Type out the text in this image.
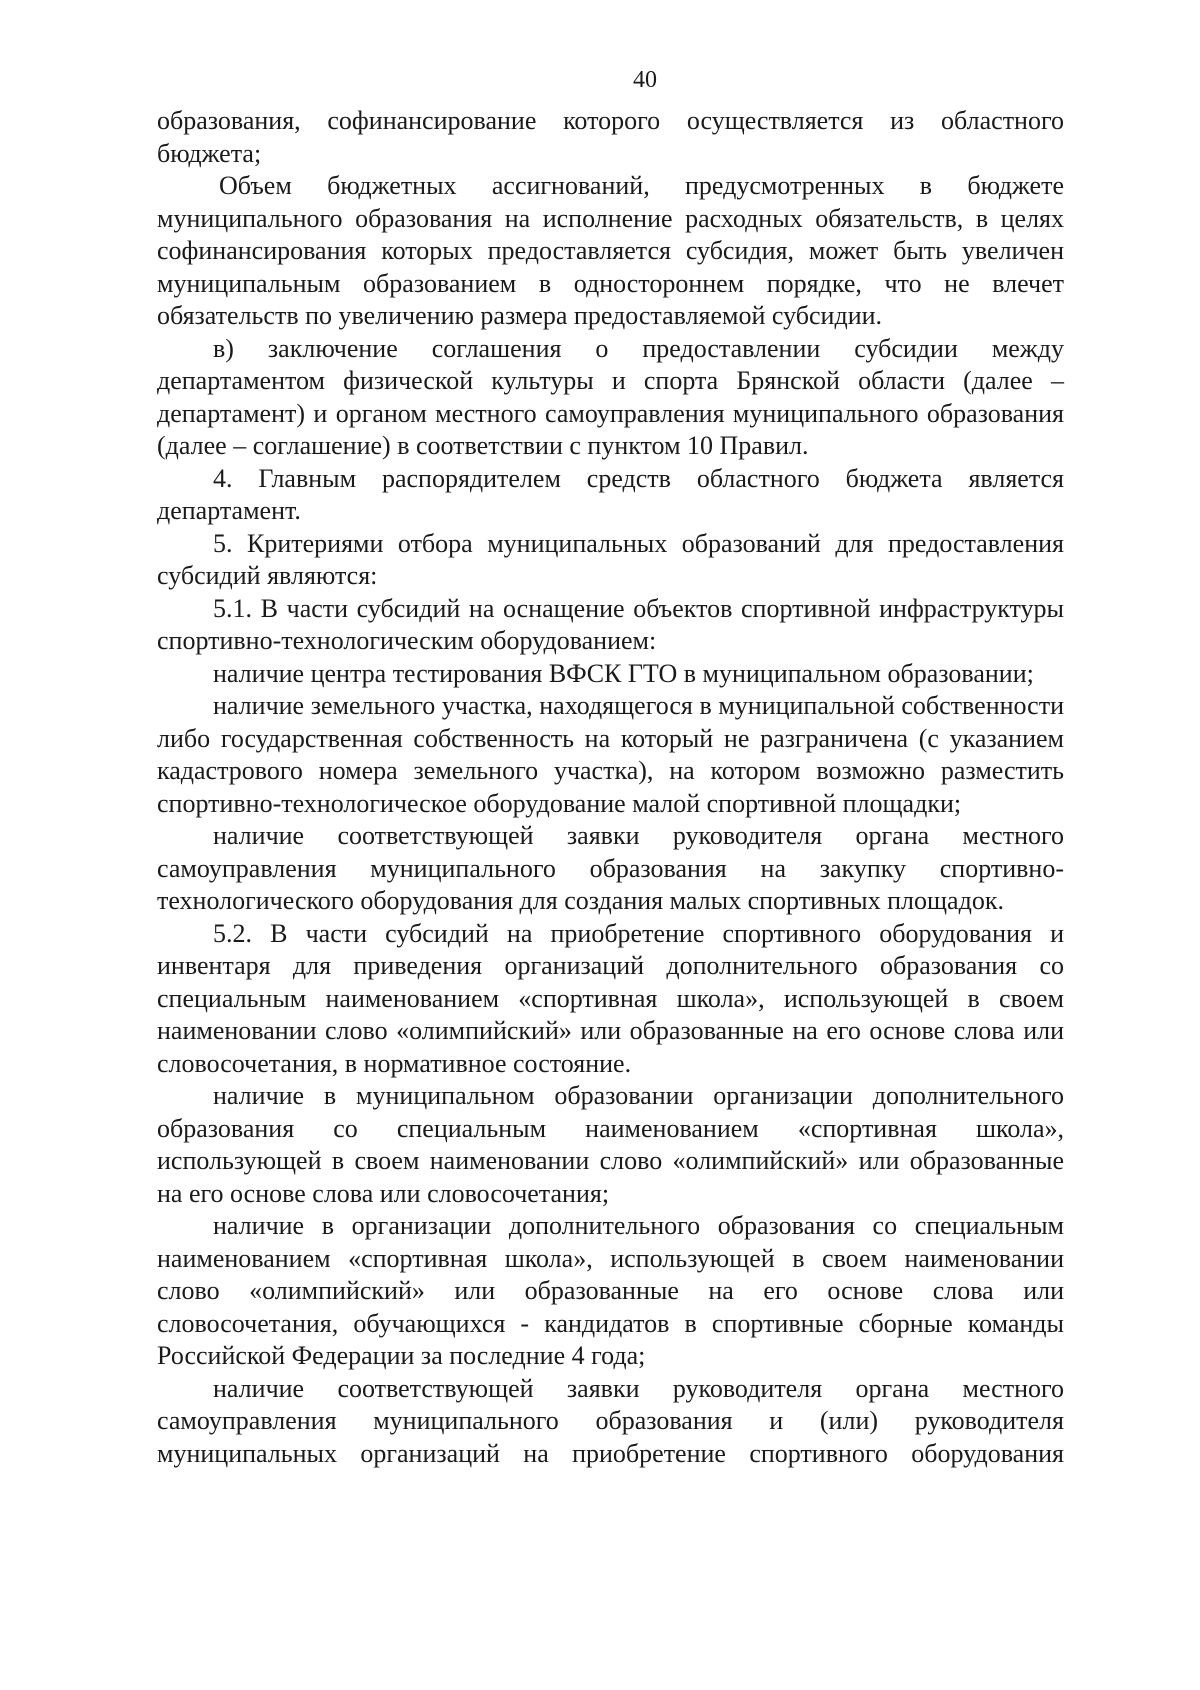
40

образования, софинансирование которого осуществляется из областного бюджета;

Объем бюджетных ассигнований, предусмотренных в бюджете муниципального образования на исполнение расходных обязательств, в целях софинансирования которых предоставляется субсидия, может быть увеличен муниципальным образованием в одностороннем порядке, что не влечет обязательств по увеличению размера предоставляемой субсидии.

в) заключение соглашения о предоставлении субсидии между департаментом физической культуры и спорта Брянской области (далее – департамент) и органом местного самоуправления муниципального образования (далее – соглашение) в соответствии с пунктом 10 Правил.

4. Главным распорядителем средств областного бюджета является департамент.

5. Критериями отбора муниципальных образований для предоставления субсидий являются:

5.1. В части субсидий на оснащение объектов спортивной инфраструктуры спортивно-технологическим оборудованием:

наличие центра тестирования ВФСК ГТО в муниципальном образовании;

наличие земельного участка, находящегося в муниципальной собственности либо государственная собственность на который не разграничена (с указанием кадастрового номера земельного участка), на котором возможно разместить спортивно-технологическое оборудование малой спортивной площадки;

наличие соответствующей заявки руководителя органа местного самоуправления муниципального образования на закупку спортивно-технологического оборудования для создания малых спортивных площадок.

5.2. В части субсидий на приобретение спортивного оборудования и инвентаря для приведения организаций дополнительного образования со специальным наименованием «спортивная школа», использующей в своем наименовании слово «олимпийский» или образованные на его основе слова или словосочетания, в нормативное состояние.

наличие в муниципальном образовании организации дополнительного образования со специальным наименованием «спортивная школа», использующей в своем наименовании слово «олимпийский» или образованные на его основе слова или словосочетания;

наличие в организации дополнительного образования со специальным наименованием «спортивная школа», использующей в своем наименовании слово «олимпийский» или образованные на его основе слова или словосочетания, обучающихся - кандидатов в спортивные сборные команды Российской Федерации за последние 4 года;

наличие соответствующей заявки руководителя органа местного самоуправления муниципального образования и (или) руководителя муниципальных организаций на приобретение спортивного оборудования
